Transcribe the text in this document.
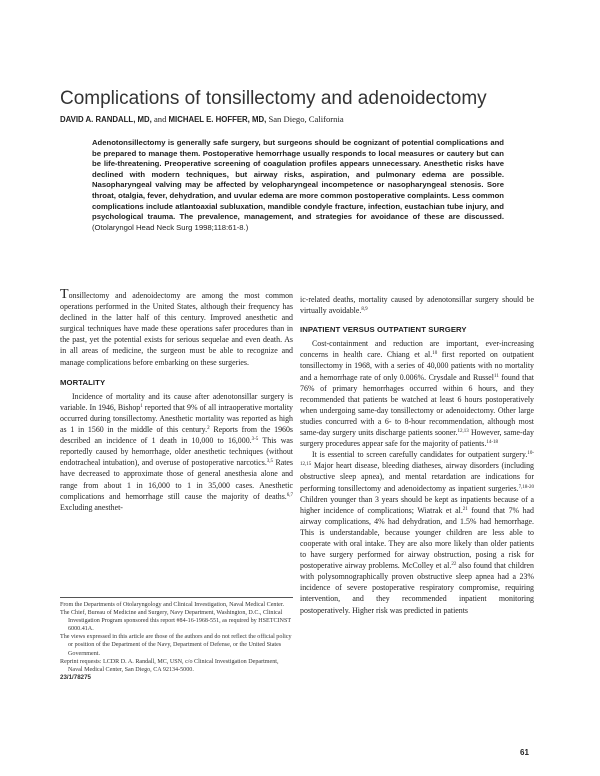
Complications of tonsillectomy and adenoidectomy
DAVID A. RANDALL, MD, and MICHAEL E. HOFFER, MD, San Diego, California
Adenotonsillectomy is generally safe surgery, but surgeons should be cognizant of potential complications and be prepared to manage them. Postoperative hemorrhage usually responds to local measures or cautery but can be life-threatening. Preoperative screening of coagulation profiles appears unnecessary. Anesthetic risks have declined with modern techniques, but airway risks, aspiration, and pulmonary edema are possible. Nasopharyngeal valving may be affected by velopharyngeal incompetence or nasopharyngeal stenosis. Sore throat, otalgia, fever, dehydration, and uvular edema are more common postoperative complaints. Less common complications include atlantoaxial subluxation, mandible condyle fracture, infection, eustachian tube injury, and psychological trauma. The prevalence, management, and strategies for avoidance of these are discussed. (Otolaryngol Head Neck Surg 1998;118:61-8.)

Tonsillectomy and adenoidectomy are among the most common operations performed in the United States, although their frequency has declined in the latter half of this century. Improved anesthetic and surgical techniques have made these operations safer procedures than in the past, yet the potential exists for serious sequelae and even death. As in all areas of medicine, the surgeon must be able to recognize and manage complications before embarking on these surgeries.

MORTALITY

Incidence of mortality and its cause after adenotonsillar surgery is variable. In 1946, Bishop$^1$ reported that 9% of all intraoperative mortality occurred during tonsillectomy. Anesthetic mortality was reported as high as 1 in 1560 in the middle of this century.$^2$ Reports from the 1960s described an incidence of 1 death in 10,000 to 16,000.$^{3-5}$ This was reportedly caused by hemorrhage, older anesthetic techniques (without endotracheal intubation), and overuse of postoperative narcotics.$^{3,5}$ Rates have decreased to approximate those of general anesthesia alone and range from about 1 in 16,000 to 1 in 35,000 cases. Anesthetic complications and hemorrhage still cause the majority of deaths.$^{6,7}$ Excluding anesthet-

From the Departments of Otolaryngology and Clinical Investigation, Naval Medical Center.
The Chief, Bureau of Medicine and Surgery, Navy Department, Washington, D.C., Clinical Investigation Program sponsored this report #84-16-1968-551, as required by HSETCINST 6000.41A.
The views expressed in this article are those of the authors and do not reflect the official policy or position of the Department of the Navy, Department of Defense, or the United States Government.
Reprint requests: LCDR D. A. Randall, MC, USN, c/o Clinical Investigation Department, Naval Medical Center, San Diego, CA 92134-5000.
23/1/78275

ic-related deaths, mortality caused by adenotonsillar surgery should be virtually avoidable.$^{8,9}$

INPATIENT VERSUS OUTPATIENT SURGERY

Cost-containment and reduction are important, ever-increasing concerns in health care. Chiang et al.$^{10}$ first reported on outpatient tonsillectomy in 1968, with a series of 40,000 patients with no mortality and a hemorrhage rate of only 0.006%. Crysdale and Russel$^{11}$ found that 76% of primary hemorrhages occurred within 6 hours, and they recommended that patients be watched at least 6 hours postoperatively when undergoing same-day tonsillectomy or adenoidectomy. Other large studies concurred with a 6- to 8-hour recommendation, although most same-day surgery units discharge patients sooner.$^{12,13}$ However, same-day surgery procedures appear safe for the majority of patients.$^{14-18}$

It is essential to screen carefully candidates for outpatient surgery.$^{10-12,15}$ Major heart disease, bleeding diatheses, airway disorders (including obstructive sleep apnea), and mental retardation are indications for performing tonsillectomy and adenoidectomy as inpatient surgeries.$^{7,18-20}$ Children younger than 3 years should be kept as inpatients because of a higher incidence of complications; Wiatrak et al.$^{21}$ found that 7% had airway complications, 4% had dehydration, and 1.5% had hemorrhage. This is understandable, because younger children are less able to cooperate with oral intake. They are also more likely than older patients to have surgery performed for airway obstruction, posing a risk for postoperative airway problems. McColley et al.$^{22}$ also found that children with polysomnographically proven obstructive sleep apnea had a 23% incidence of severe postoperative respiratory compromise, requiring intervention, and they recommended inpatient monitoring postoperatively. Higher risk was predicted in patients

61
